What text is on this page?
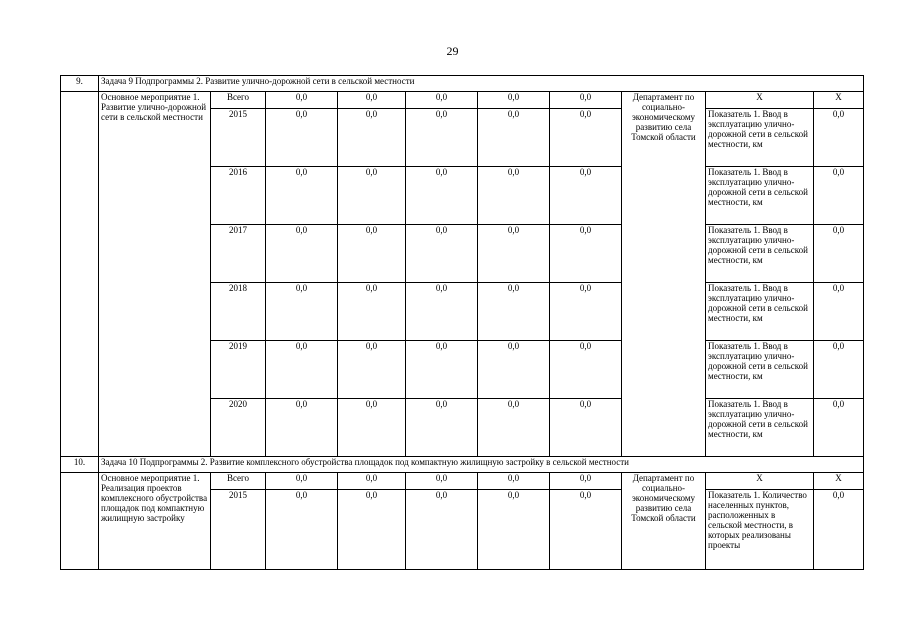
29
9.	Задача 9 Подпрограммы 2. Развитие улично-дорожной сети в сельской местности									
	Основное мероприятие 1. Развитие улично-дорожной сети в сельской местности	Всего	0,0	0,0	0,0	0,0	0,0	Департамент по социально-экономическому развитию села Томской области	Х	Х
		2015	0,0	0,0	0,0	0,0	0,0		Показатель 1. Ввод в эксплуатацию улично-дорожной сети в сельской местности, км	0,0
		2016	0,0	0,0	0,0	0,0	0,0		Показатель 1. Ввод в эксплуатацию улично-дорожной сети в сельской местности, км	0,0
		2017	0,0	0,0	0,0	0,0	0,0		Показатель 1. Ввод в эксплуатацию улично-дорожной сети в сельской местности, км	0,0
		2018	0,0	0,0	0,0	0,0	0,0		Показатель 1. Ввод в эксплуатацию улично-дорожной сети в сельской местности, км	0,0
		2019	0,0	0,0	0,0	0,0	0,0		Показатель 1. Ввод в эксплуатацию улично-дорожной сети в сельской местности, км	0,0
		2020	0,0	0,0	0,0	0,0	0,0		Показатель 1. Ввод в эксплуатацию улично-дорожной сети в сельской местности, км	0,0
10.	Задача 10 Подпрограммы 2. Развитие комплексного обустройства площадок под компактную жилищную застройку в сельской местности									
	Основное мероприятие 1. Реализация проектов комплексного обустройства площадок под компактную жилищную застройку	Всего	0,0	0,0	0,0	0,0	0,0	Департамент по социально-экономическому развитию села Томской области	Х	Х
		2015	0,0	0,0	0,0	0,0	0,0		Показатель 1. Количество населенных пунктов, расположенных в сельской местности, в которых реализованы проекты	0,0
